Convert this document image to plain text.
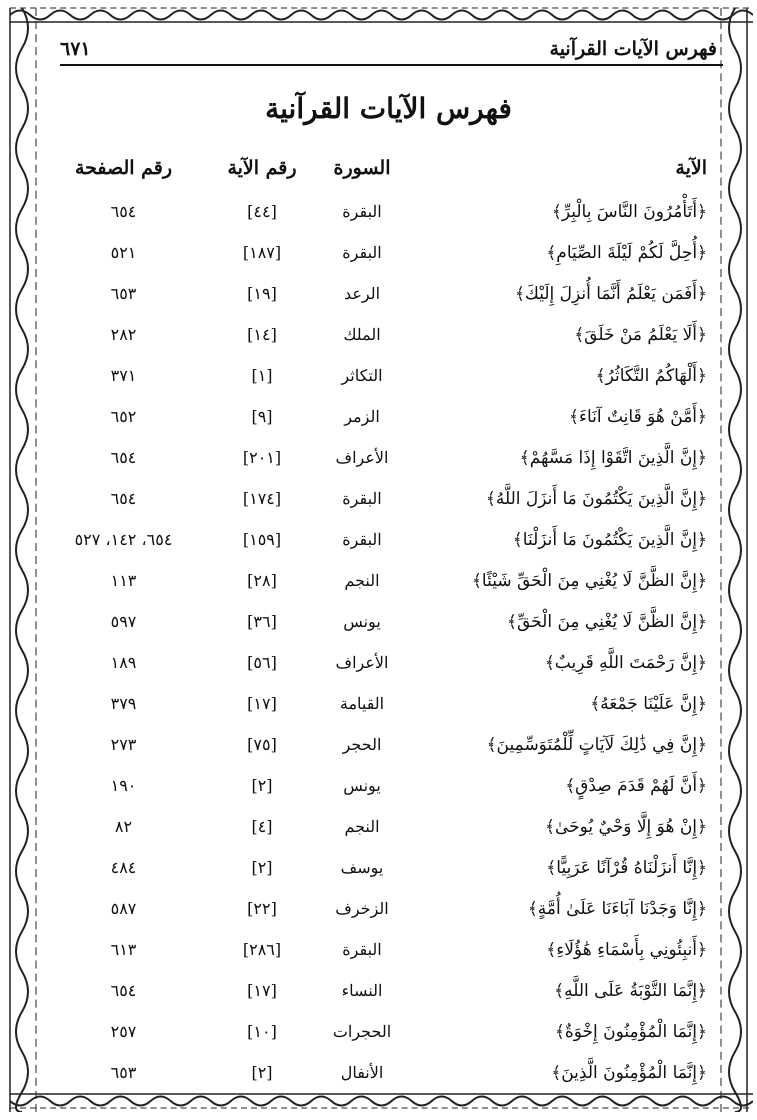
فهرس الآيات القرآنية
٦٧١
فهرس الآيات القرآنية
الآية
السورة
رقم الآية
رقم الصفحة
﴿أَتَأْمُرُونَ النَّاسَ بِالْبِرِّ﴾
البقرة
[٤٤]
٦٥٤
﴿أُحِلَّ لَكُمْ لَيْلَةَ الصِّيَامِ﴾
البقرة
[١٨٧]
٥٢١
﴿أَفَمَن يَعْلَمُ أَنَّمَا أُنزِلَ إِلَيْكَ﴾
الرعد
[١٩]
٦٥٣
﴿أَلَا يَعْلَمُ مَنْ خَلَقَ﴾
الملك
[١٤]
٢٨٢
﴿أَلْهَاكُمُ التَّكَاثُرُ﴾
التكاثر
[١]
٣٧١
﴿أَمَّنْ هُوَ قَانِتٌ آنَاءَ﴾
الزمر
[٩]
٦٥٢
﴿إِنَّ الَّذِينَ اتَّقَوْا إِذَا مَسَّهُمْ﴾
الأعراف
[٢٠١]
٦٥٤
﴿إِنَّ الَّذِينَ يَكْتُمُونَ مَا أَنزَلَ اللَّهُ﴾
البقرة
[١٧٤]
٦٥٤
﴿إِنَّ الَّذِينَ يَكْتُمُونَ مَا أَنزَلْنَا﴾
البقرة
[١٥٩]
٦٥٤، ١٤٢، ٥٢٧
﴿إِنَّ الظَّنَّ لَا يُغْنِي مِنَ الْحَقِّ شَيْئًا﴾
النجم
[٢٨]
١١٣
﴿إِنَّ الظَّنَّ لَا يُغْنِي مِنَ الْحَقِّ﴾
يونس
[٣٦]
٥٩٧
﴿إِنَّ رَحْمَتَ اللَّهِ قَرِيبٌ﴾
الأعراف
[٥٦]
١٨٩
﴿إِنَّ عَلَيْنَا جَمْعَهُ﴾
القيامة
[١٧]
٣٧٩
﴿إِنَّ فِي ذَٰلِكَ لَآيَاتٍ لِّلْمُتَوَسِّمِينَ﴾
الحجر
[٧٥]
٢٧٣
﴿أَنَّ لَهُمْ قَدَمَ صِدْقٍ﴾
يونس
[٢]
١٩٠
﴿إِنْ هُوَ إِلَّا وَحْيٌ يُوحَىٰ﴾
النجم
[٤]
٨٢
﴿إِنَّا أَنزَلْنَاهُ قُرْآنًا عَرَبِيًّا﴾
يوسف
[٢]
٤٨٤
﴿إِنَّا وَجَدْنَا آبَاءَنَا عَلَىٰ أُمَّةٍ﴾
الزخرف
[٢٢]
٥٨٧
﴿أَنبِئُونِي بِأَسْمَاءِ هَٰؤُلَاءِ﴾
البقرة
[٢٨٦]
٦١٣
﴿إِنَّمَا التَّوْبَةُ عَلَى اللَّهِ﴾
النساء
[١٧]
٦٥٤
﴿إِنَّمَا الْمُؤْمِنُونَ إِخْوَةٌ﴾
الحجرات
[١٠]
٢٥٧
﴿إِنَّمَا الْمُؤْمِنُونَ الَّذِينَ﴾
الأنفال
[٢]
٦٥٣
